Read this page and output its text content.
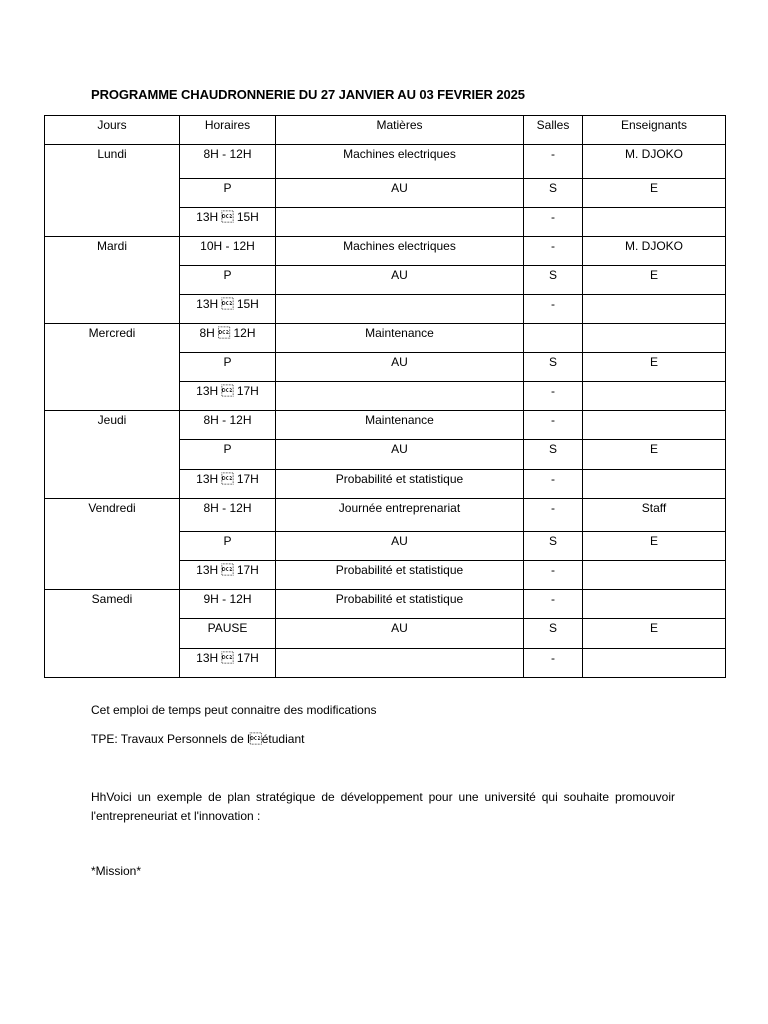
PROGRAMME CHAUDRONNERIE DU 27 JANVIER AU 03 FEVRIER 2025
Jours	Horaires	Matières	Salles	Enseignants
Lundi	8H - 12H	Machines electriques	-	M. DJOKO
	P	AU	S	E
	13H  15H		-	
Mardi	10H - 12H	Machines electriques	-	M. DJOKO
	P	AU	S	E
	13H  15H		-	
Mercredi	8H  12H	Maintenance		
	P	AU	S	E
	13H  17H		-	
Jeudi	8H - 12H	Maintenance	-	
	P	AU	S	E
	13H  17H	Probabilité et statistique	-	
Vendredi	8H - 12H	Journée entreprenariat	-	Staff
	P	AU	S	E
	13H  17H	Probabilité et statistique	-	
Samedi	9H - 12H	Probabilité et statistique	-	
	PAUSE	AU	S	E
	13H  17H		-	
Cet emploi de temps peut connaitre des modifications
TPE: Travaux Personnels de létudiant
HhVoici un exemple de plan stratégique de développement pour une université qui souhaite promouvoir l'entrepreneuriat et l'innovation :
*Mission*
